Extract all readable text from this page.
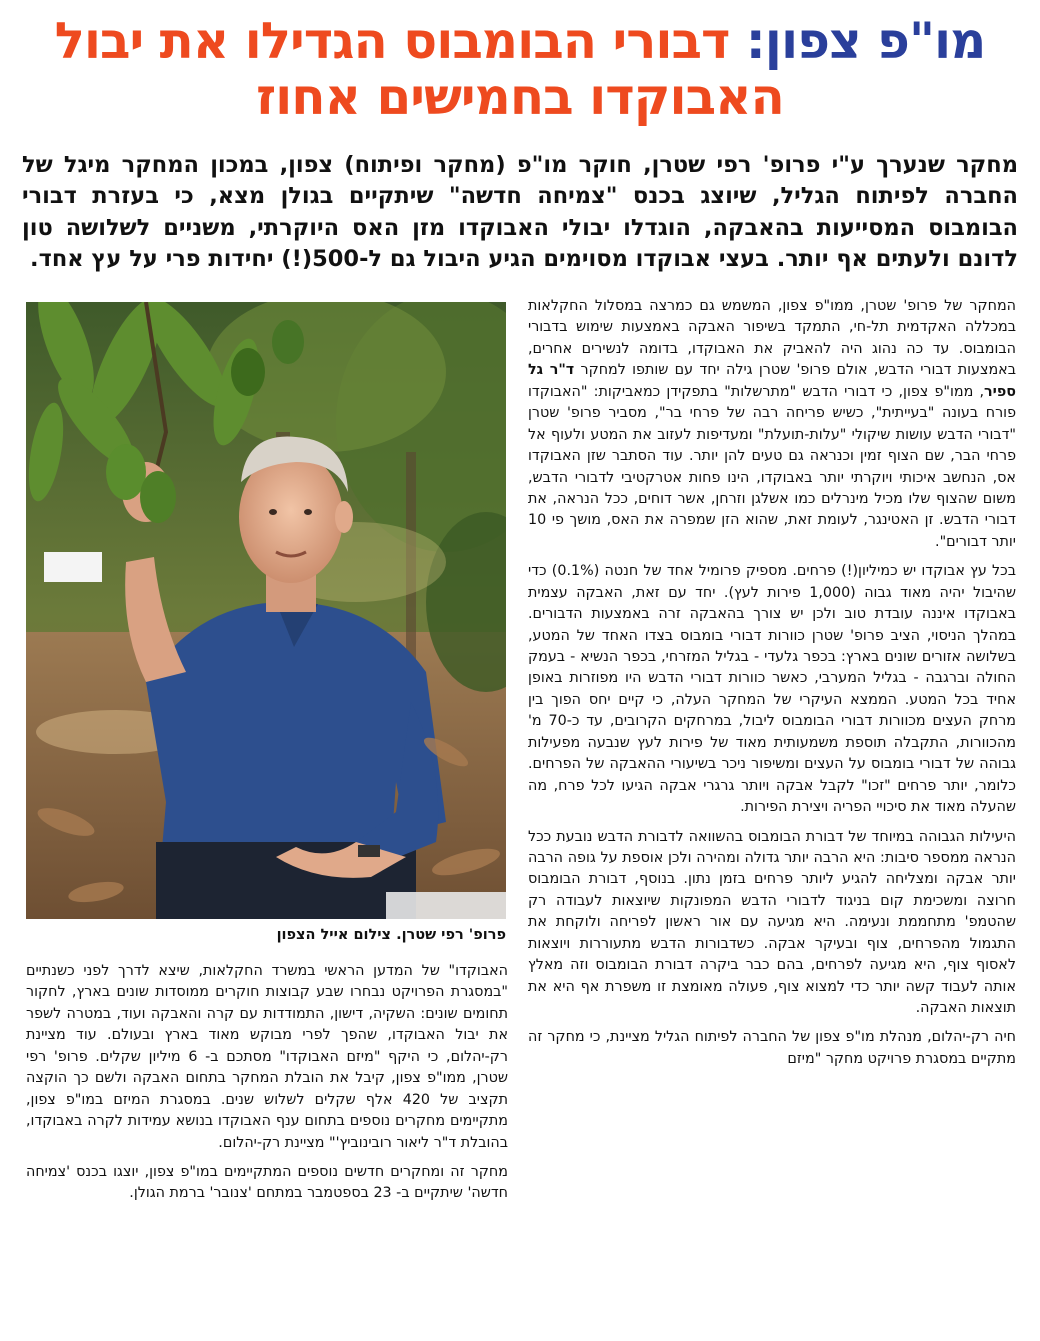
מו"פ צפון: דבורי הבומבוס הגדילו את יבול
האבוקדו בחמישים אחוז
מחקר שנערך ע"י פרופ' רפי שטרן, חוקר מו"פ (מחקר ופיתוח) צפון, במכון המחקר מיגל של החברה לפיתוח הגליל, שיוצג בכנס "צמיחה חדשה" שיתקיים בגולן מצא, כי בעזרת דבורי הבומבוס המסייעות בהאבקה, הוגדלו יבולי האבוקדו מזן האס היוקרתי, משניים לשלושה טון לדונם ולעתים אף יותר. בעצי אבוקדו מסוימים הגיע היבול גם ל-500(!) יחידות פרי על עץ אחד.

המחקר של פרופ' שטרן, ממו"פ צפון, המשמש גם כמרצה במסלול החקלאות במכללה האקדמית תל-חי, התמקד בשיפור האבקה באמצעות שימוש בדבורי הבומבוס. עד כה נהוג היה להאביק את האבוקדו, בדומה לנשירים אחרים, באמצעות דבורי הדבש, אולם פרופ' שטרן גילה יחד עם שותפו למחקר ד"ר גל ספיר, ממו"פ צפון, כי דבורי הדבש "מתרשלות" בתפקידן כמאביקות: "האבוקדו פורח בעונה "בעייתית", כשיש פריחה רבה של פרחי בר", מסביר פרופ' שטרן "דבורי הדבש עושות שיקולי "עלות-תועלת" ומעדיפות לעזוב את המטע ולעוף אל פרחי הבר, שם הצוף זמין וכנראה גם טעים להן יותר. עוד הסתבר שזן האבוקדו אס, הנחשב איכותי ויוקרתי יותר באבוקדו, הינו פחות אטרקטיבי לדבורי הדבש, משום שהצוף שלו מכיל מינרלים כמו אשלגן וזרחן, אשר דוחים, ככל הנראה, את דבורי הדבש. זן האטינגר, לעומת זאת, שהוא הזן שמפרה את האס, מושך פי 10 יותר דבורים".

בכל עץ אבוקדו יש כמיליון(!) פרחים. מספיק פרומיל אחד של חנטה (0.1%) כדי שהיבול יהיה מאוד גבוה (1,000 פירות לעץ). יחד עם זאת, האבקה עצמית באבוקדו איננה עובדת טוב ולכן יש צורך בהאבקה זרה באמצעות הדבורים. במהלך הניסוי, הציב פרופ' שטרן כוורות דבורי בומבוס בצדו האחד של המטע, בשלושה אזורים שונים בארץ: בכפר גלעדי - בגליל המזרחי, בכפר הנשיא - בעמק החולה וברגבה - בגליל המערבי, כאשר כוורות דבורי הדבש היו מפוזרות באופן אחיד בכל המטע. הממצא העיקרי של המחקר העלה, כי קיים יחס הפוך בין מרחק העצים מכוורות דבורי הבומבוס ליבול, במרחקים הקרובים, עד כ-70 מ' מהכוורות, התקבלה תוספת משמעותית מאוד של פירות לעץ שנבעה מפעילות גבוהה של דבורי בומבוס על העצים ומשיפור ניכר בשיעורי ההאבקה של הפרחים. כלומר, יותר פרחים "זכו" לקבל אבקה ויותר גרגרי אבקה הגיעו לכל פרח, מה שהעלה מאוד את סיכויי הפריה ויצירת הפירות.

היעילות הגבוהה במיוחד של דבורת הבומבוס בהשוואה לדבורת הדבש נובעת ככל הנראה ממספר סיבות: היא הרבה יותר גדולה ומהירה ולכן אוספת על גופה הרבה יותר אבקה ומצליחה להגיע ליותר פרחים בזמן נתון. בנוסף, דבורת הבומבוס חרוצה ומשכימת קום בניגוד לדבורי הדבש המפונקות שיוצאות לעבודה רק שהטמפ' מתחממת ונעימה. היא מגיעה עם אור ראשון לפריחה ולוקחת את התגמול מהפרחים, צוף ובעיקר אבקה. כשדבורות הדבש מתעוררות ויוצאות לאסוף צוף, היא מגיעה לפרחים, בהם כבר ביקרה דבורת הבומבוס וזה מאלץ אותה לעבוד קשה יותר כדי למצוא צוף, פעולה מאומצת זו משפרת אף היא את תוצאות האבקה.

חיה רק-יהלום, מנהלת מו"פ צפון של החברה לפיתוח הגליל מציינת, כי מחקר זה מתקיים במסגרת פרויקט מחקר "מיזם

פרופ' רפי שטרן. צילום אייל הצפון

האבוקדו" של המדען הראשי במשרד החקלאות, שיצא לדרך לפני כשנתיים "במסגרת הפרויקט נבחרו שבע קבוצות חוקרים ממוסדות שונים בארץ, לחקור תחומים שונים: השקיה, דישון, התמודדות עם קרה והאבקה ועוד, במטרה לשפר את יבול האבוקדו, שהפך לפרי מבוקש מאוד בארץ ובעולם. עוד מציינת רק-יהלום, כי היקף "מיזם האבוקדו" מסתכם ב- 6 מיליון שקלים. פרופ' רפי שטרן, ממו"פ צפון, קיבל את הובלת המחקר בתחום האבקה ולשם כך הוקצה תקציב של 420 אלף שקלים לשלוש שנים. במסגרת המיזם במו"פ צפון, מתקיימים מחקרים נוספים בתחום ענף האבוקדו בנושא עמידות לקרה באבוקדו, בהובלת ד"ר ליאור רובינוביץ'" מציינת רק-יהלום.

מחקר זה ומחקרים חדשים נוספים המתקיימים במו"פ צפון, יוצגו בכנס 'צמיחה חדשה' שיתקיים ב- 23 בספטמבר במתחם 'צנובר' ברמת הגולן.
